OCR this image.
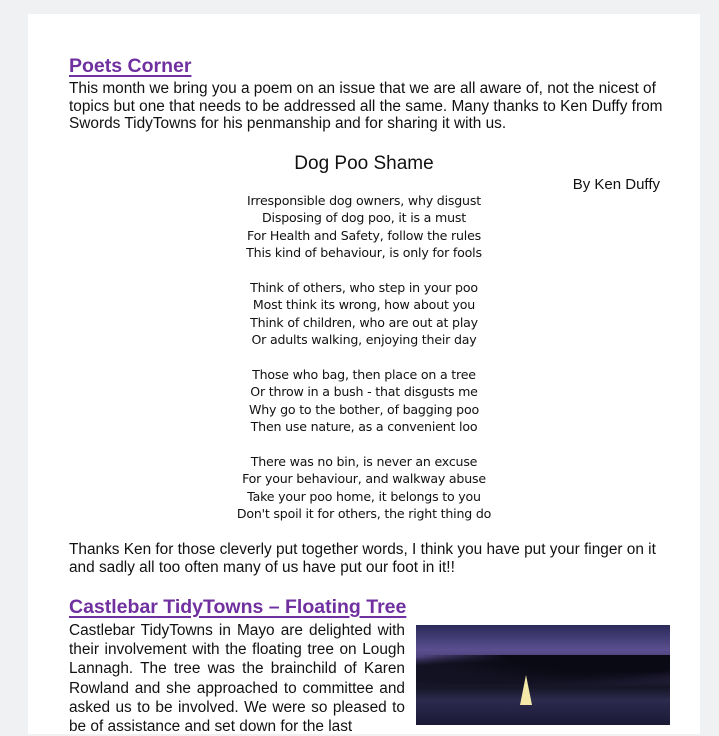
Poets Corner

This month we bring you a poem on an issue that we are all aware of, not the nicest of topics but one that needs to be addressed all the same. Many thanks to Ken Duffy from Swords TidyTowns for his penmanship and for sharing it with us.

Dog Poo Shame
By Ken Duffy
Irresponsible dog owners, why disgust
Disposing of dog poo, it is a must
For Health and Safety, follow the rules
This kind of behaviour, is only for fools
Think of others, who step in your poo
Most think its wrong, how about you
Think of children, who are out at play
Or adults walking, enjoying their day
Those who bag, then place on a tree
Or throw in a bush - that disgusts me
Why go to the bother, of bagging poo
Then use nature, as a convenient loo
There was no bin, is never an excuse
For your behaviour, and walkway abuse
Take your poo home, it belongs to you
Don't spoil it for others, the right thing do

Thanks Ken for those cleverly put together words, I think you have put your finger on it and sadly all too often many of us have put our foot in it!!

Castlebar TidyTowns – Floating Tree
Castlebar TidyTowns in Mayo are delighted with their involvement with the floating tree on Lough Lannagh. The tree was the brainchild of Karen Rowland and she approached to committee and asked us to be involved. We were so pleased to be of assistance and set down for the last
